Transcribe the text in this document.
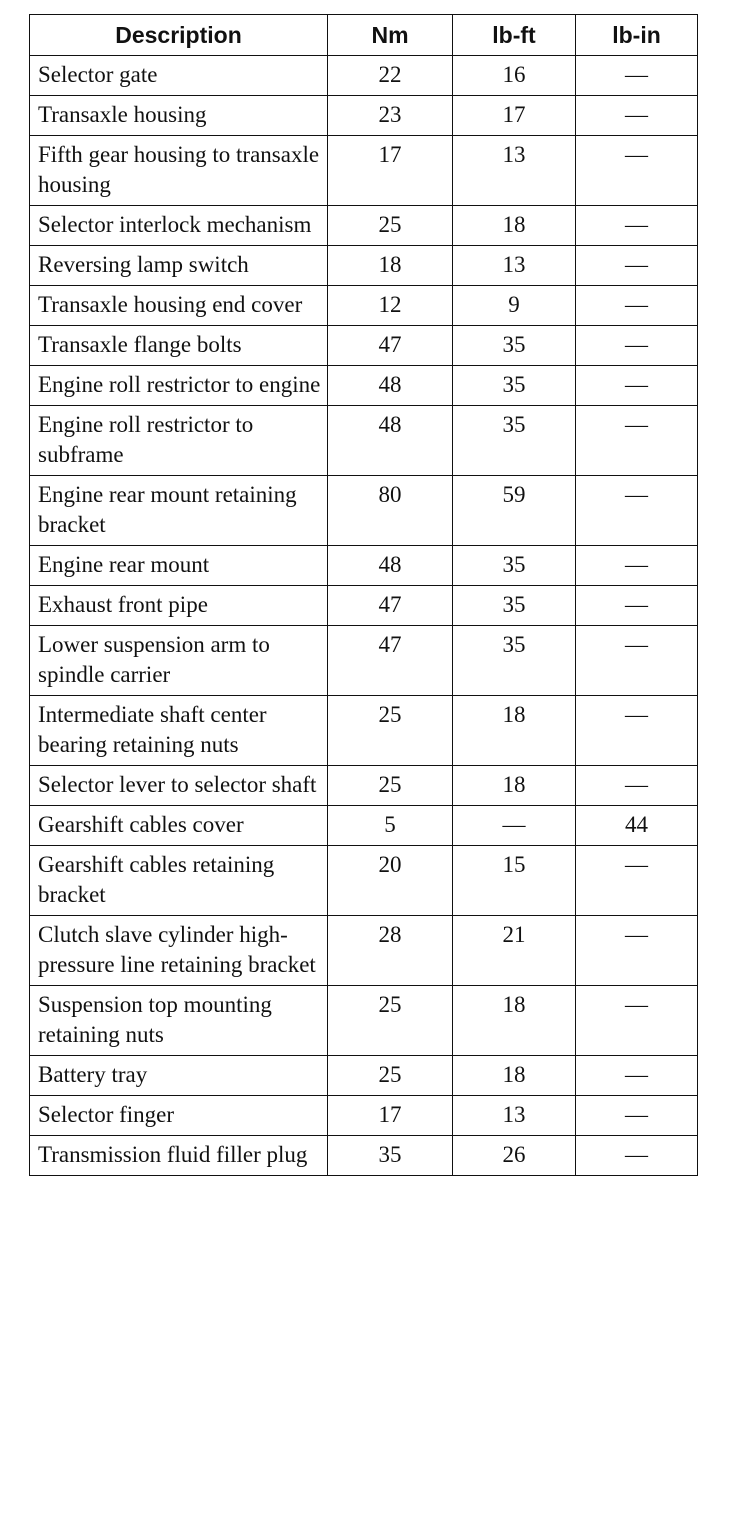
Description	Nm	lb-ft	lb-in
Selector gate	22	16	—
Transaxle housing	23	17	—
Fifth gear housing to transaxle housing	17	13	—
Selector interlock mechanism	25	18	—
Reversing lamp switch	18	13	—
Transaxle housing end cover	12	9	—
Transaxle flange bolts	47	35	—
Engine roll restrictor to engine	48	35	—
Engine roll restrictor to subframe	48	35	—
Engine rear mount retaining bracket	80	59	—
Engine rear mount	48	35	—
Exhaust front pipe	47	35	—
Lower suspension arm to spindle carrier	47	35	—
Intermediate shaft center bearing retaining nuts	25	18	—
Selector lever to selector shaft	25	18	—
Gearshift cables cover	5	—	44
Gearshift cables retaining bracket	20	15	—
Clutch slave cylinder high-pressure line retaining bracket	28	21	—
Suspension top mounting retaining nuts	25	18	—
Battery tray	25	18	—
Selector finger	17	13	—
Transmission fluid filler plug	35	26	—
